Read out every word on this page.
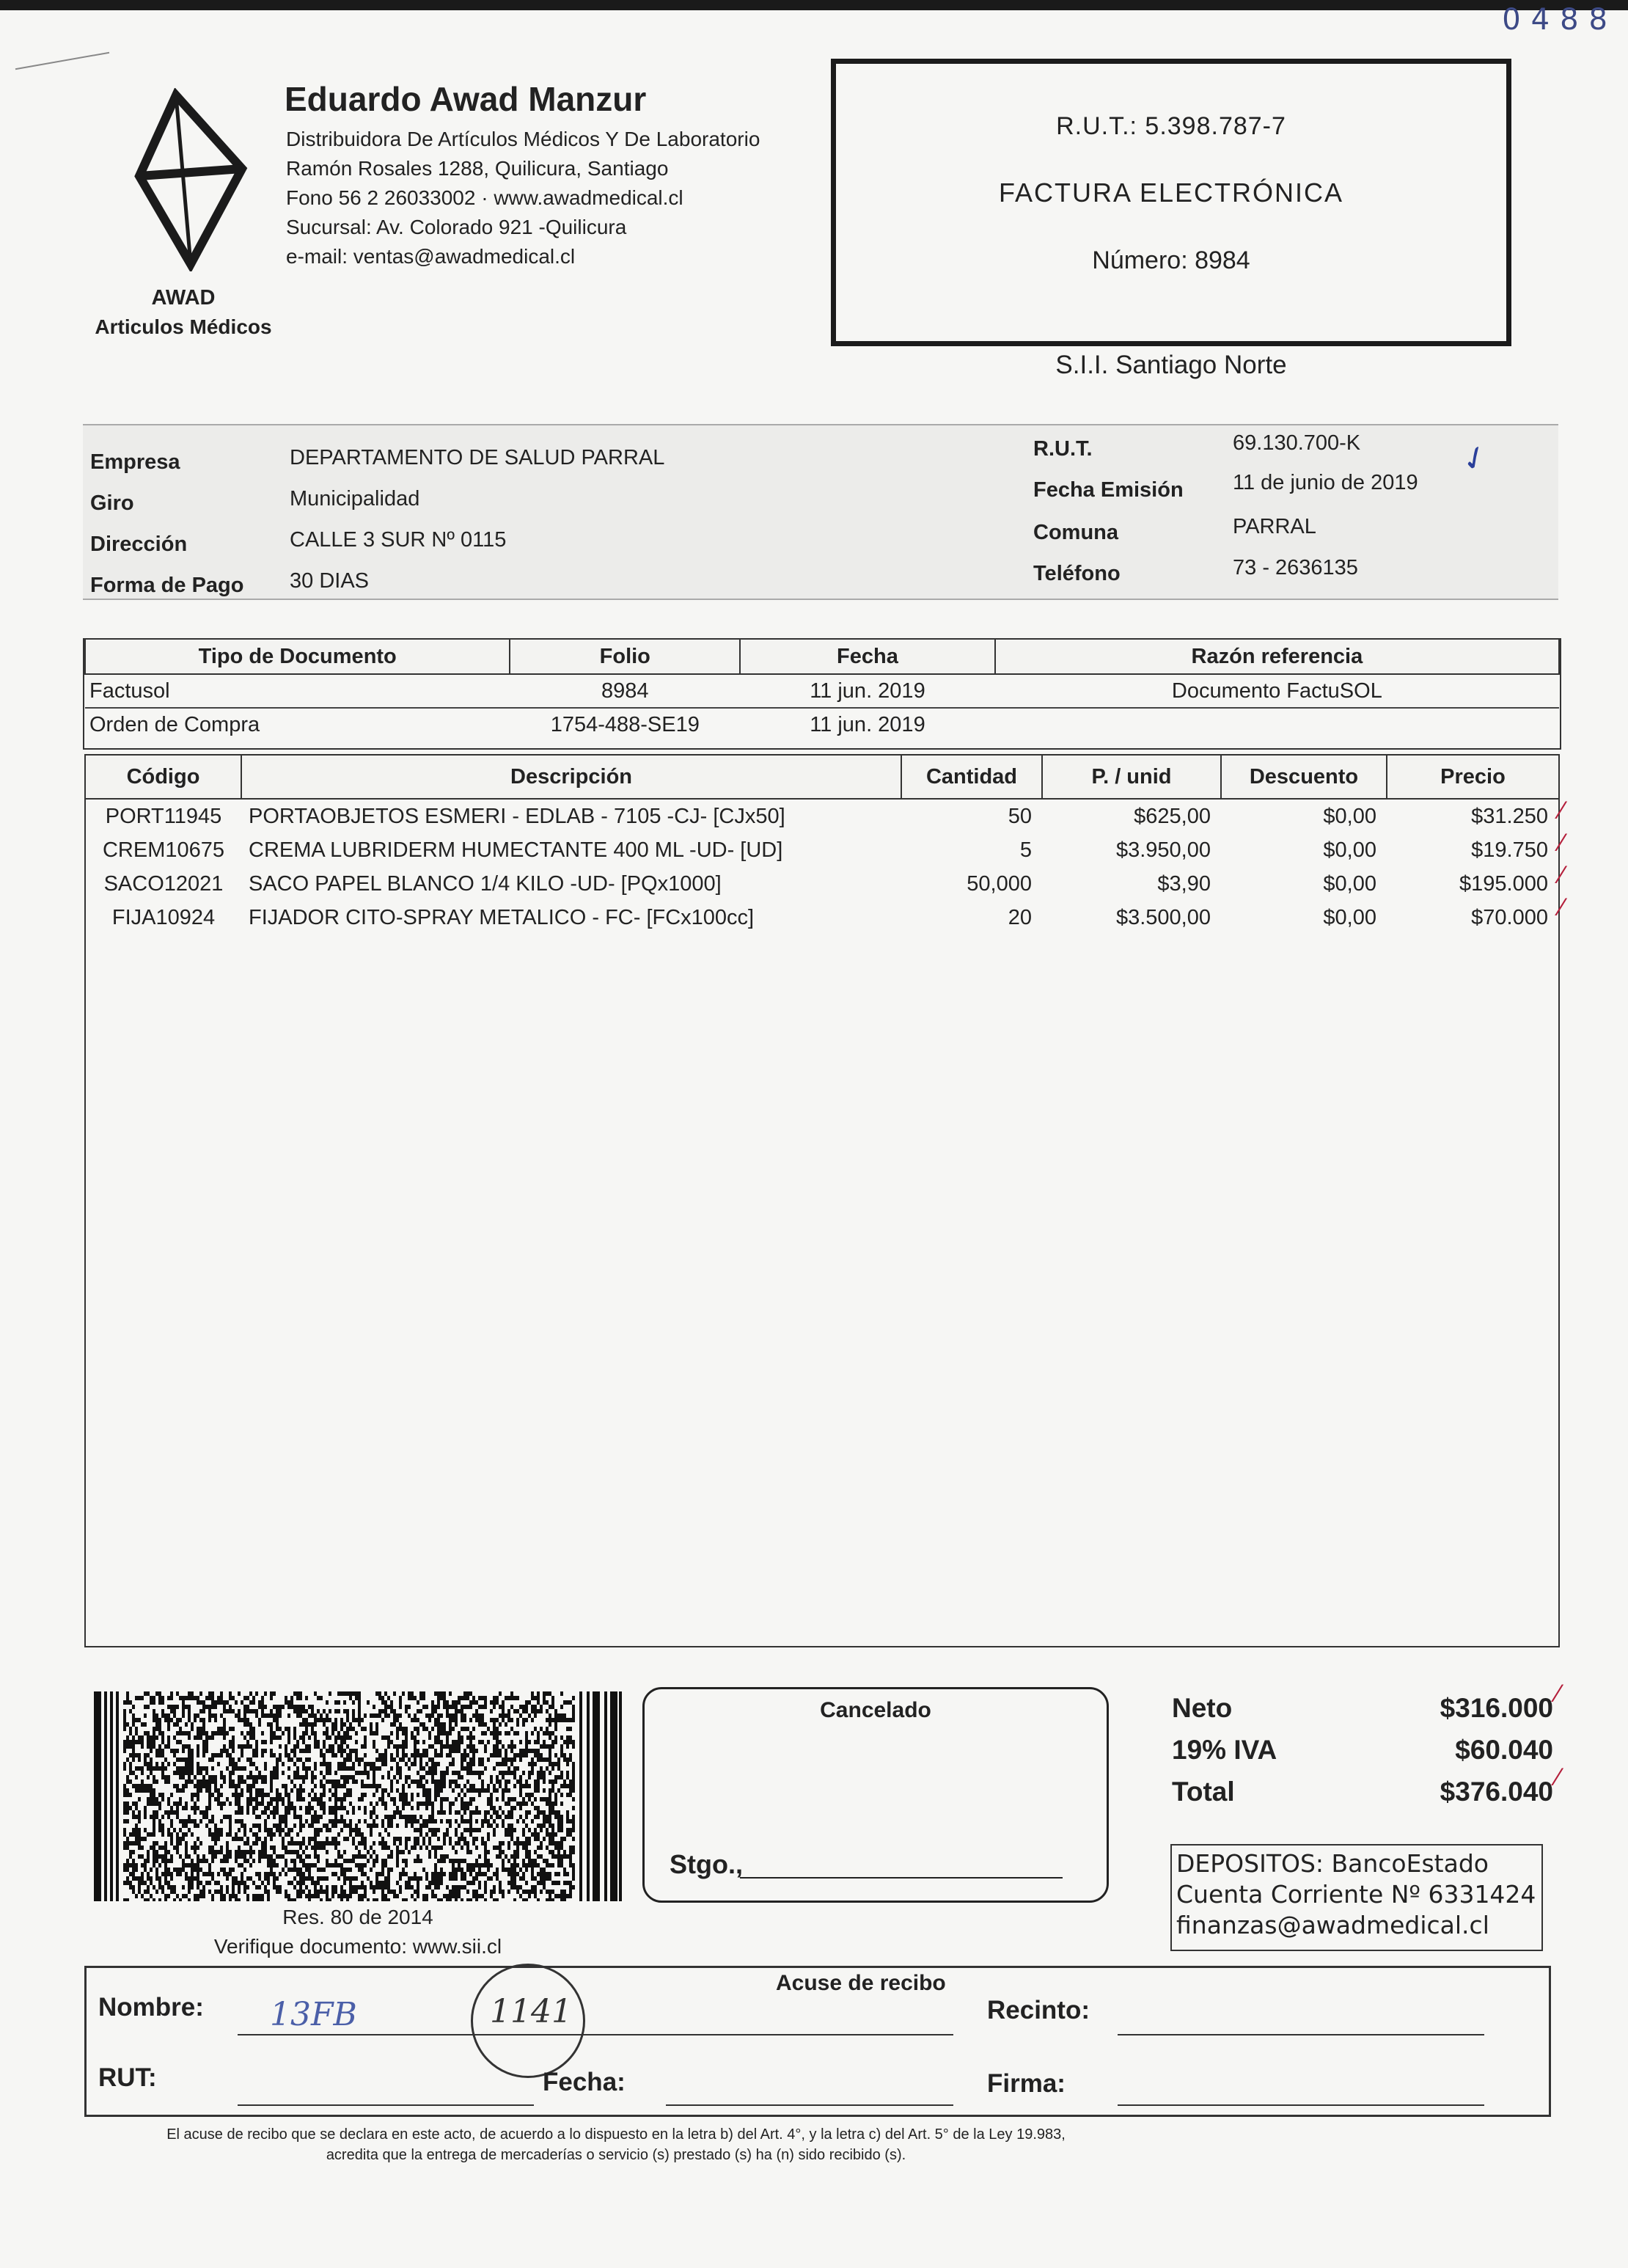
0488
AWAD
Articulos Médicos
Eduardo Awad Manzur
Distribuidora De Artículos Médicos Y De Laboratorio
Ramón Rosales 1288, Quilicura, Santiago
Fono 56 2 26033002 · www.awadmedical.cl
Sucursal: Av. Colorado 921 -Quilicura
e-mail: ventas@awadmedical.cl
R.U.T.: 5.398.787-7
FACTURA ELECTRÓNICA
Número: 8984
S.I.I. Santiago Norte
Empresa	DEPARTAMENTO DE SALUD PARRAL
Giro	Municipalidad
Dirección	CALLE 3 SUR Nº 0115
Forma de Pago 30 DIAS
R.U.T.	69.130.700-K
Fecha Emisión 11 de junio de 2019
✓
Comuna	PARRAL
Teléfono	73 - 2636135
Tipo de Documento	Folio	Fecha	Razón referencia
Factusol	8984	11 jun. 2019	Documento FactuSOL
Orden de Compra	1754-488-SE19	11 jun. 2019	
Código	Descripción	Cantidad	P. / unid	Descuento	Precio
PORT11945	PORTAOBJETOS ESMERI - EDLAB - 7105 -CJ- [CJx50]	50	$625,00	$0,00	$31.250
CREM10675	CREMA LUBRIDERM HUMECTANTE 400 ML -UD- [UD]	5	$3.950,00	$0,00	$19.750
SACO12021	SACO PAPEL BLANCO 1/4 KILO -UD- [PQx1000]	50,000	$3,90	$0,00	$195.000
FIJA10924	FIJADOR CITO-SPRAY METALICO - FC- [FCx100cc]	20	$3.500,00	$0,00	$70.000
⁄
⁄
⁄
⁄
Res. 80 de 2014
Verifique documento: www.sii.cl
Cancelado
Stgo.,
Neto	$316.000
19% IVA	$60.040
Total	$376.040
⁄
⁄
DEPOSITOS: BancoEstado
Cuenta Corriente Nº 6331424
finanzas@awadmedical.cl
Acuse de recibo
Nombre: 13FB	1141	Recinto:
RUT:	Fecha:	Firma:
El acuse de recibo que se declara en este acto, de acuerdo a lo dispuesto en la letra b) del Art. 4°, y la letra c) del Art. 5° de la Ley 19.983,
acredita que la entrega de mercaderías o servicio (s) prestado (s) ha (n) sido recibido (s).
